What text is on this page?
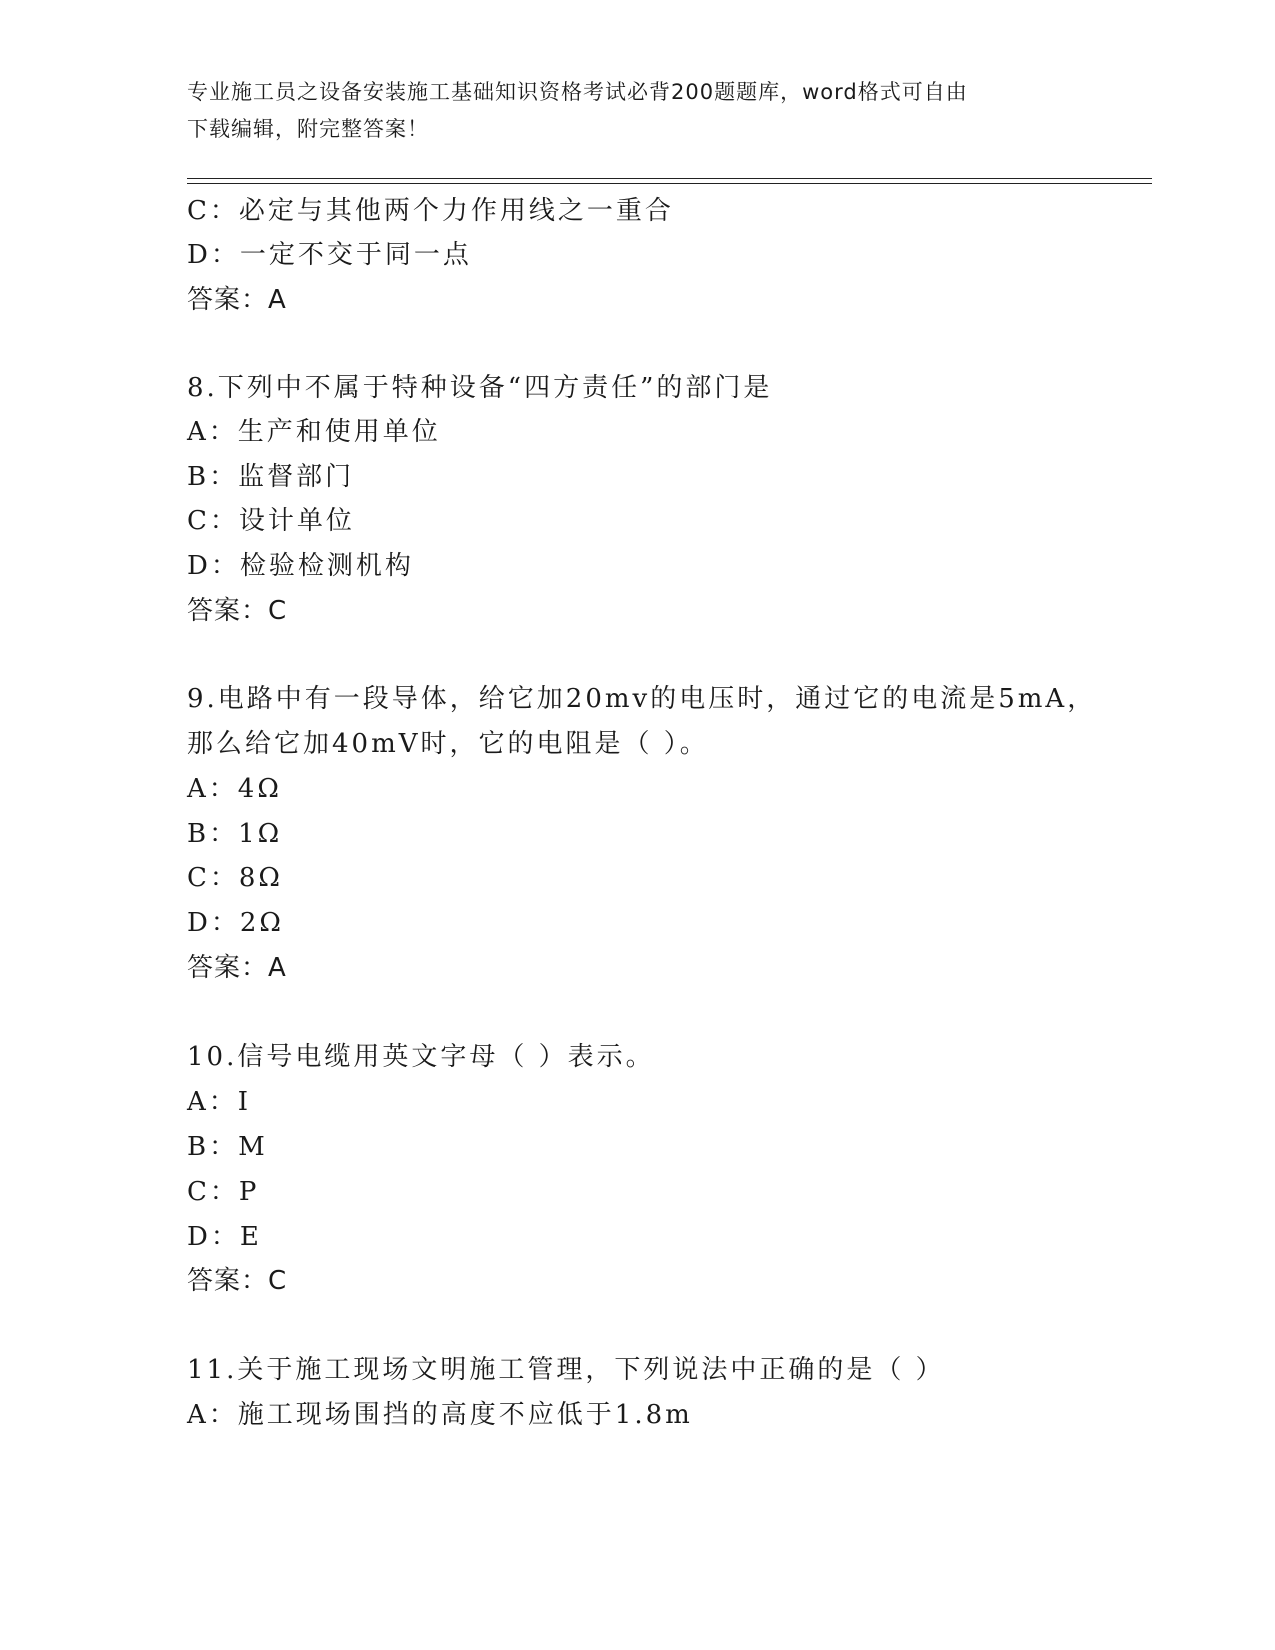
专业施工员之设备安装施工基础知识资格考试必背200题题库，word格式可自由
下载编辑，附完整答案！
C：必定与其他两个力作用线之一重合
D：一定不交于同一点
答案：A
8.下列中不属于特种设备“四方责任”的部门是
A：生产和使用单位
B：监督部门
C：设计单位
D：检验检测机构
答案：C
9.电路中有一段导体，给它加20mv的电压时，通过它的电流是5mA，
那么给它加40mV时，它的电阻是（ ）。
A：4Ω
B：1Ω
C：8Ω
D：2Ω
答案：A
10.信号电缆用英文字母（ ）表示。
A：I
B：M
C：P
D：E
答案：C
11.关于施工现场文明施工管理，下列说法中正确的是（ ）
A：施工现场围挡的高度不应低于1.8m
